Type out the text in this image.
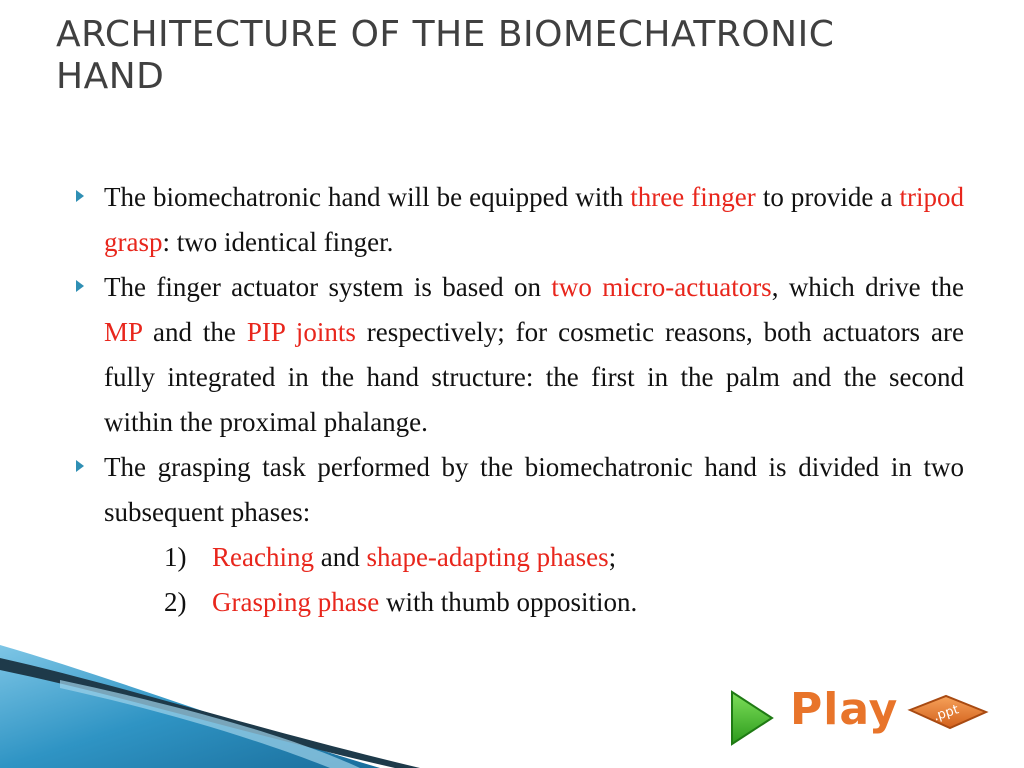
ARCHITECTURE OF THE BIOMECHATRONIC
HAND
The biomechatronic hand will be equipped with three finger to provide a tripod grasp: two identical finger.
The finger actuator system is based on two micro-actuators, which drive the MP and the PIP joints respectively; for cosmetic reasons, both actuators are fully integrated in the hand structure: the first in the palm and the second within the proximal phalange.
The grasping task performed by the biomechatronic hand is divided in two subsequent phases:
1) Reaching and shape-adapting phases;
2) Grasping phase with thumb opposition.
.ppt
Play
